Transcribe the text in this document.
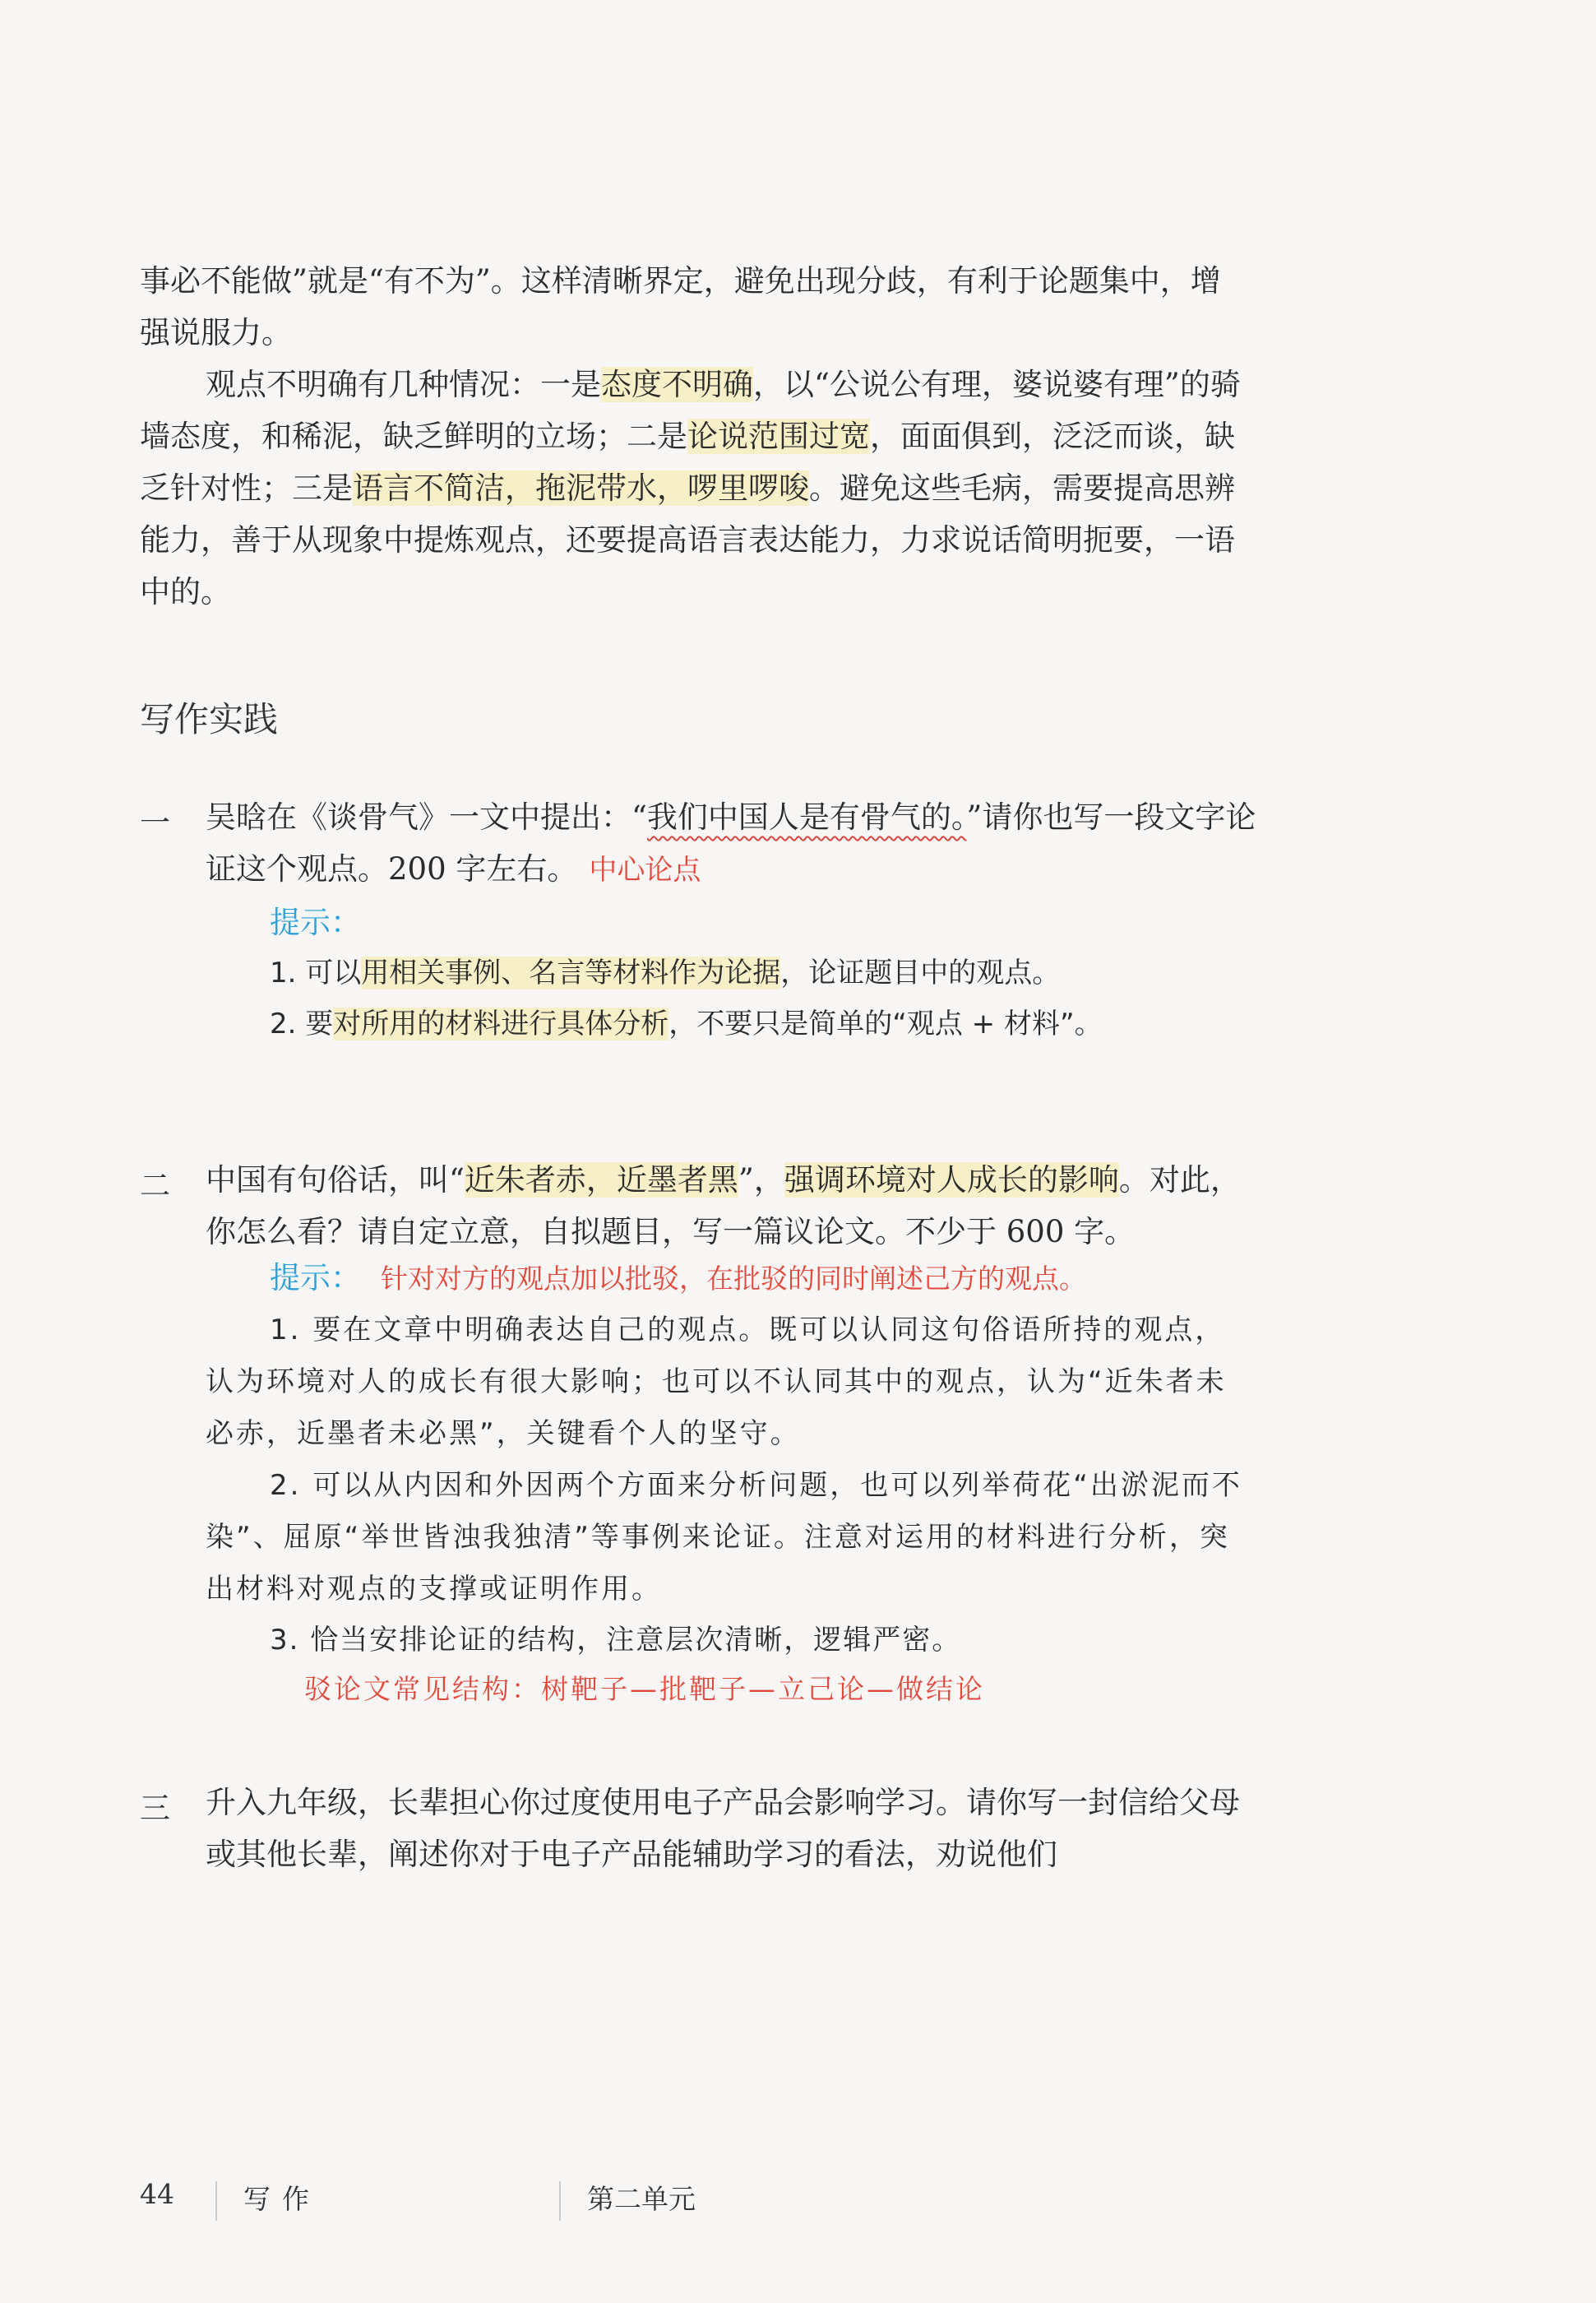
事必不能做”就是“有不为”。这样清晰界定，避免出现分歧，有利于论题集中，增强说服力。
观点不明确有几种情况：一是态度不明确，以“公说公有理，婆说婆有理”的骑墙态度，和稀泥，缺乏鲜明的立场；二是论说范围过宽，面面俱到，泛泛而谈，缺乏针对性；三是语言不简洁，拖泥带水，啰里啰唆。避免这些毛病，需要提高思辨能力，善于从现象中提炼观点，还要提高语言表达能力，力求说话简明扼要，一语中的。
写作实践
一 吴晗在《谈骨气》一文中提出：“我们中国人是有骨气的。”请你也写一段文字论证这个观点。200 字左右。 中心论点
提示：
1. 可以用相关事例、名言等材料作为论据，论证题目中的观点。
2. 要对所用的材料进行具体分析，不要只是简单的“观点 + 材料”。
二 中国有句俗话，叫“近朱者赤，近墨者黑”，强调环境对人成长的影响。对此，你怎么看？请自定立意，自拟题目，写一篇议论文。不少于 600 字。
提示： 针对对方的观点加以批驳，在批驳的同时阐述己方的观点。
1. 要在文章中明确表达自己的观点。既可以认同这句俗语所持的观点，认为环境对人的成长有很大影响；也可以不认同其中的观点，认为“近朱者未必赤，近墨者未必黑”，关键看个人的坚守。
2. 可以从内因和外因两个方面来分析问题，也可以列举荷花“出淤泥而不染”、屈原“举世皆浊我独清”等事例来论证。注意对运用的材料进行分析，突出材料对观点的支撑或证明作用。
3. 恰当安排论证的结构，注意层次清晰，逻辑严密。
驳论文常见结构：树靶子—批靶子—立己论—做结论
三 升入九年级，长辈担心你过度使用电子产品会影响学习。请你写一封信给父母或其他长辈，阐述你对于电子产品能辅助学习的看法，劝说他们
44	写作	第二单元
